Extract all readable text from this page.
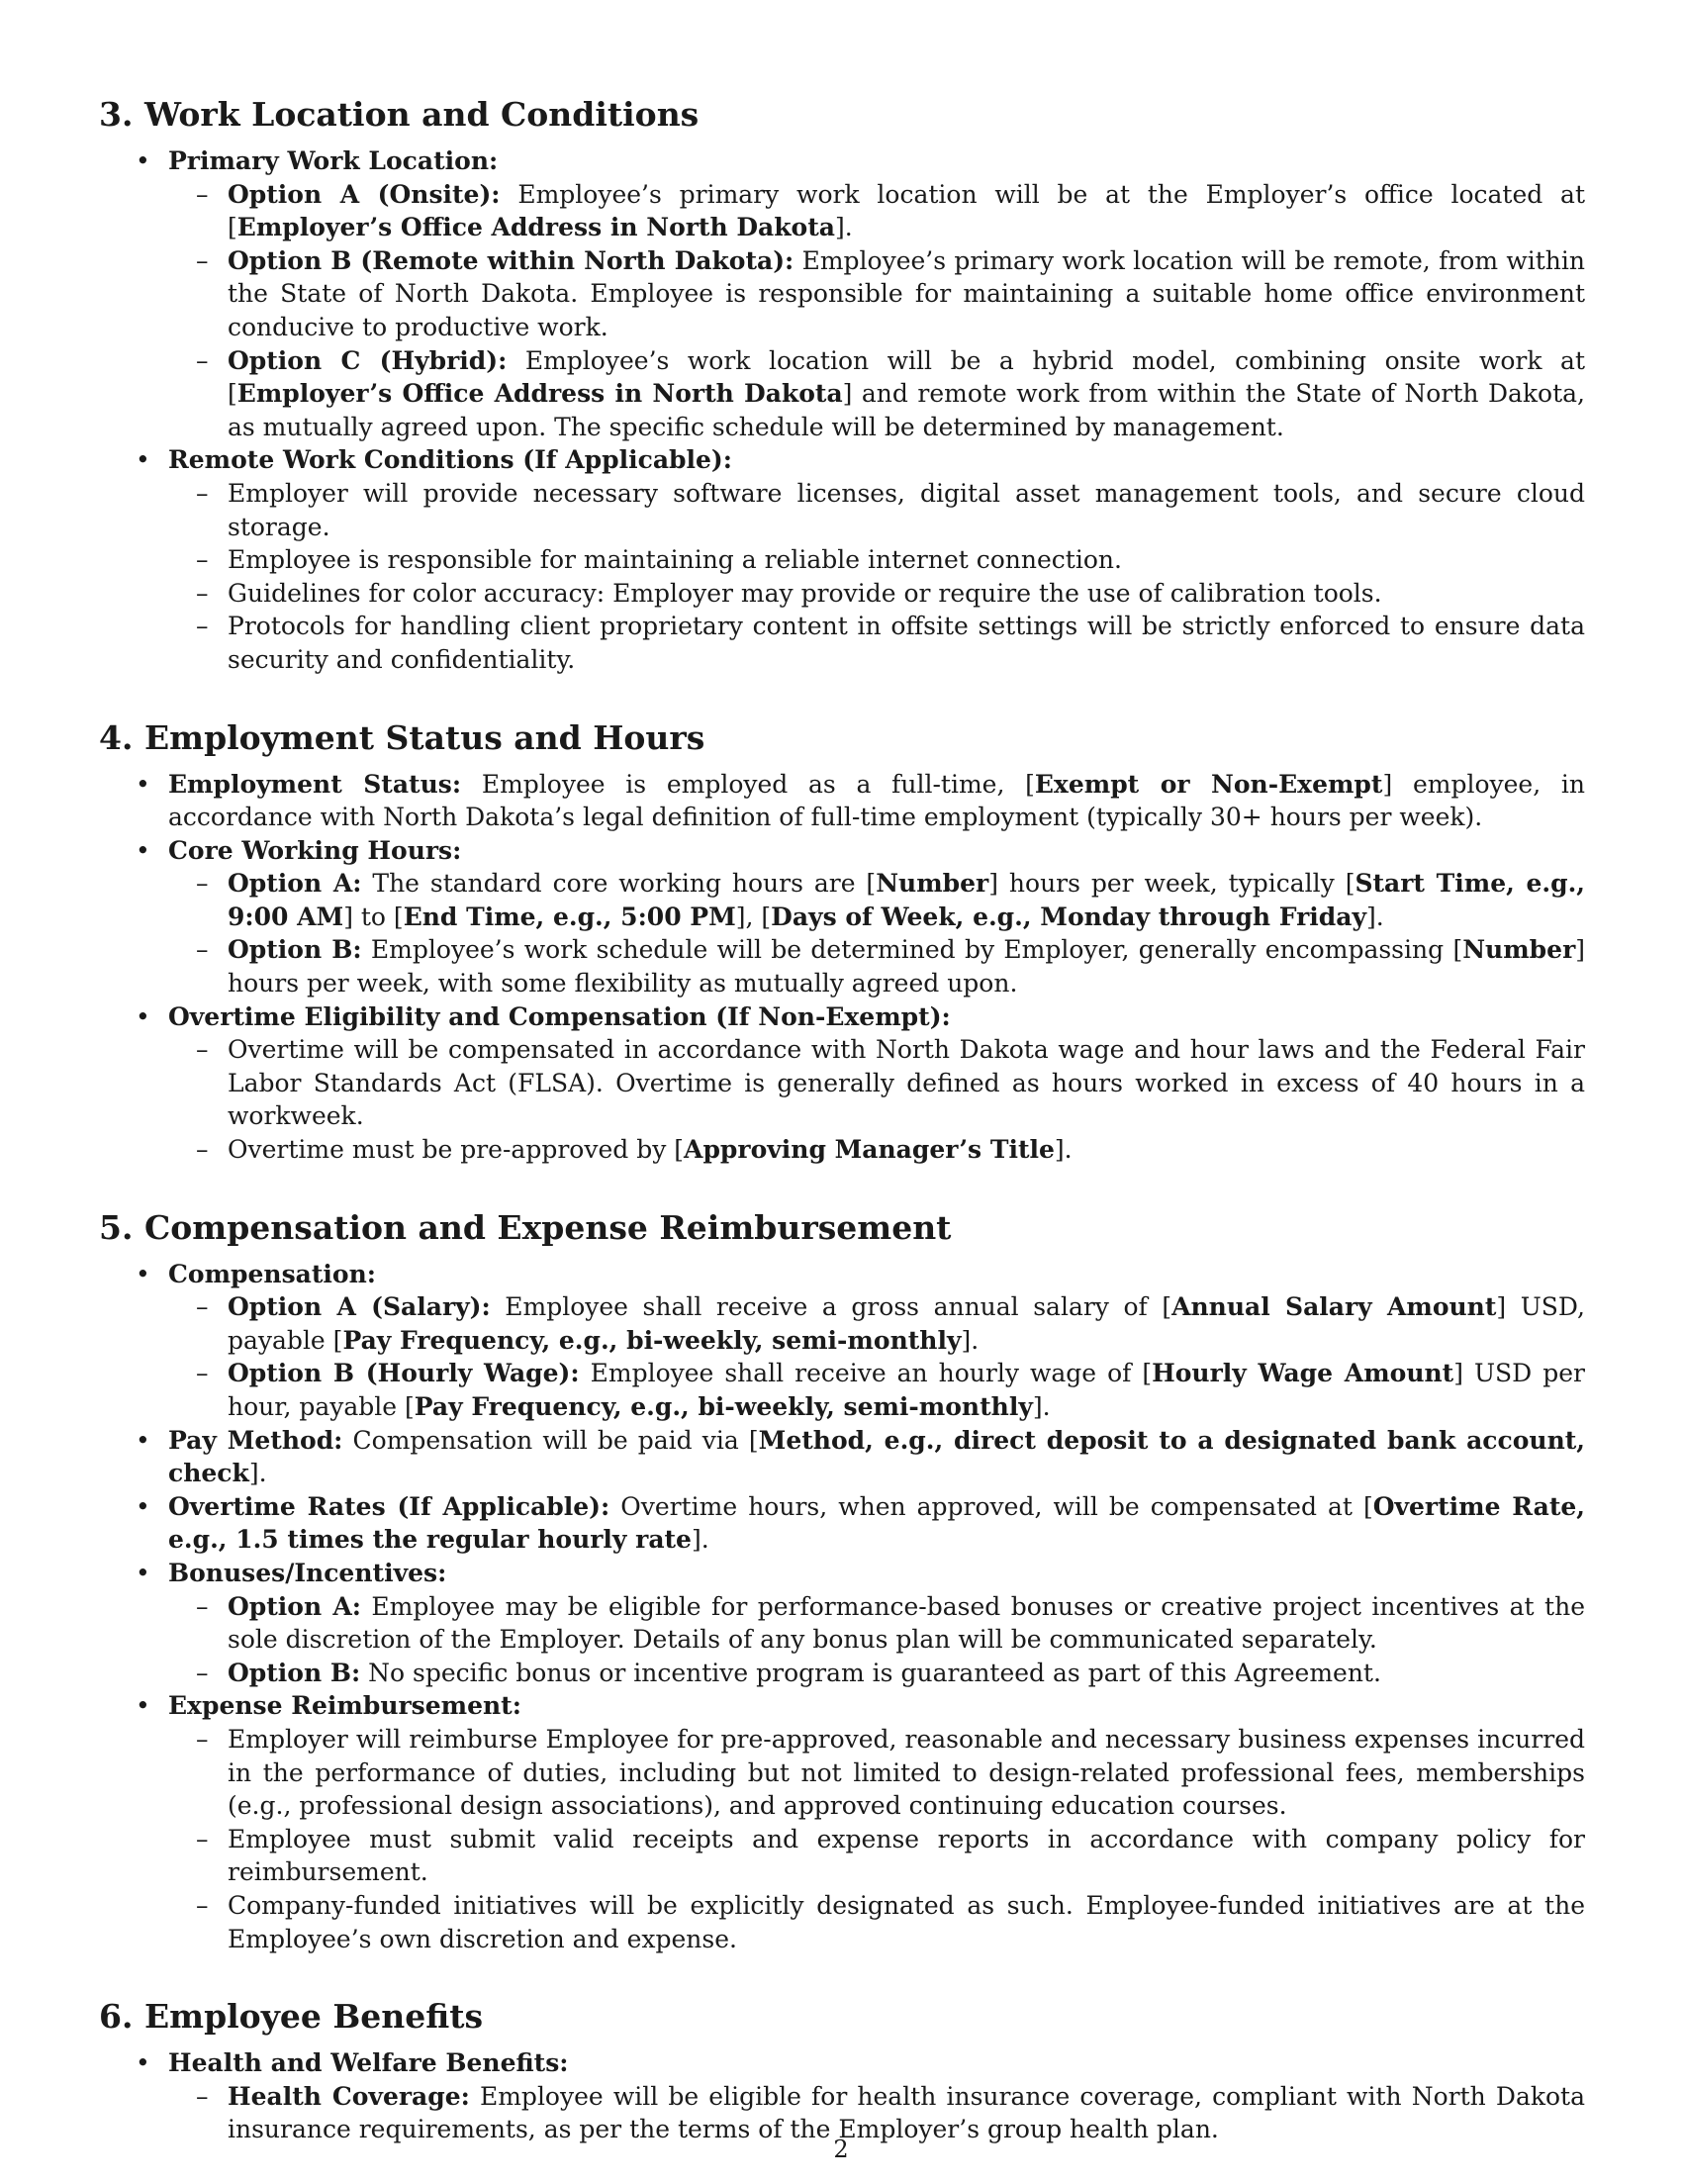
3. Work Location and Conditions
• Primary Work Location:
– Option A (Onsite): Employee’s primary work location will be at the Employer’s office located at [Employer’s Office Address in North Dakota].
– Option B (Remote within North Dakota): Employee’s primary work location will be remote, from within the State of North Dakota. Employee is responsible for maintaining a suitable home office environment conducive to productive work.
– Option C (Hybrid): Employee’s work location will be a hybrid model, combining onsite work at [Employer’s Office Address in North Dakota] and remote work from within the State of North Dakota, as mutually agreed upon. The specific schedule will be determined by management.
• Remote Work Conditions (If Applicable):
– Employer will provide necessary software licenses, digital asset management tools, and secure cloud storage.
– Employee is responsible for maintaining a reliable internet connection.
– Guidelines for color accuracy: Employer may provide or require the use of calibration tools.
– Protocols for handling client proprietary content in offsite settings will be strictly enforced to ensure data security and confidentiality.
4. Employment Status and Hours
• Employment Status: Employee is employed as a full-time, [Exempt or Non-Exempt] employee, in accordance with North Dakota’s legal definition of full-time employment (typically 30+ hours per week).
• Core Working Hours:
– Option A: The standard core working hours are [Number] hours per week, typically [Start Time, e.g., 9:00 AM] to [End Time, e.g., 5:00 PM], [Days of Week, e.g., Monday through Friday].
– Option B: Employee’s work schedule will be determined by Employer, generally encompassing [Number] hours per week, with some flexibility as mutually agreed upon.
• Overtime Eligibility and Compensation (If Non-Exempt):
– Overtime will be compensated in accordance with North Dakota wage and hour laws and the Federal Fair Labor Standards Act (FLSA). Overtime is generally defined as hours worked in excess of 40 hours in a workweek.
– Overtime must be pre-approved by [Approving Manager’s Title].
5. Compensation and Expense Reimbursement
• Compensation:
– Option A (Salary): Employee shall receive a gross annual salary of [Annual Salary Amount] USD, payable [Pay Frequency, e.g., bi-weekly, semi-monthly].
– Option B (Hourly Wage): Employee shall receive an hourly wage of [Hourly Wage Amount] USD per hour, payable [Pay Frequency, e.g., bi-weekly, semi-monthly].
• Pay Method: Compensation will be paid via [Method, e.g., direct deposit to a designated bank account, check].
• Overtime Rates (If Applicable): Overtime hours, when approved, will be compensated at [Overtime Rate, e.g., 1.5 times the regular hourly rate].
• Bonuses/Incentives:
– Option A: Employee may be eligible for performance-based bonuses or creative project incentives at the sole discretion of the Employer. Details of any bonus plan will be communicated separately.
– Option B: No specific bonus or incentive program is guaranteed as part of this Agreement.
• Expense Reimbursement:
– Employer will reimburse Employee for pre-approved, reasonable and necessary business expenses incurred in the performance of duties, including but not limited to design-related professional fees, memberships (e.g., professional design associations), and approved continuing education courses.
– Employee must submit valid receipts and expense reports in accordance with company policy for reimbursement.
– Company-funded initiatives will be explicitly designated as such. Employee-funded initiatives are at the Employee’s own discretion and expense.
6. Employee Benefits
• Health and Welfare Benefits:
– Health Coverage: Employee will be eligible for health insurance coverage, compliant with North Dakota insurance requirements, as per the terms of the Employer’s group health plan.
2
